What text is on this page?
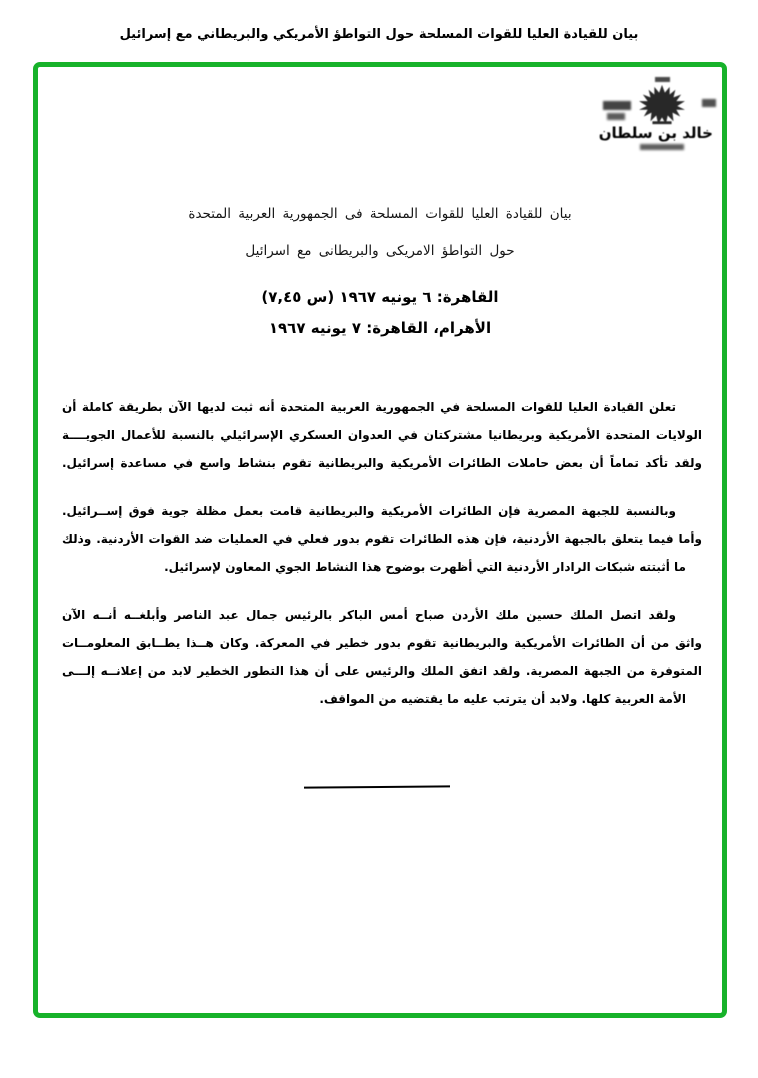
بيان للقيادة العليا للقوات المسلحة حول التواطؤ الأمريكي والبريطاني مع إسرائيل
خالد بن سلطان
بيان للقيادة العليا للقوات المسلحة فى الجمهورية العربية المتحدة
حول التواطؤ الامريكى والبريطانى مع اسرائيل
القاهرة: ٦ يونيه ١٩٦٧ (س ٧,٤٥)
الأهرام، القاهرة: ٧ يونيه ١٩٦٧
تعلن القيادة العليا للقوات المسلحة في الجمهورية العربية المتحدة أنه ثبت لديها الآن بطريقة كاملة أن
الولايات المتحدة الأمريكية وبريطانيا مشتركتان في العدوان العسكري الإسرائيلي بالنسبة للأعمال الجويــــة
ولقد تأكد تماماً أن بعض حاملات الطائرات الأمريكية والبريطانية تقوم بنشاط واسع في مساعدة إسرائيل.
وبالنسبة للجبهة المصرية فإن الطائرات الأمريكية والبريطانية قامت بعمل مظلة جوية فوق إســرائيل.
وأما فيما يتعلق بالجبهة الأردنية، فإن هذه الطائرات تقوم بدور فعلي في العمليات ضد القوات الأردنية. وذلك
ما أثبتته شبكات الرادار الأردنية التي أظهرت بوضوح هذا النشاط الجوي المعاون لإسرائيل.
ولقد اتصل الملك حسين ملك الأردن صباح أمس الباكر بالرئيس جمال عبد الناصر وأبلغــه أنــه الآن
واثق من أن الطائرات الأمريكية والبريطانية تقوم بدور خطير في المعركة. وكان هــذا يطــابق المعلومــات
المتوفرة من الجبهة المصرية. ولقد اتفق الملك والرئيس على أن هذا التطور الخطير لابد من إعلانــه إلـــى
الأمة العربية كلها. ولابد أن يترتب عليه ما يقتضيه من المواقف.
